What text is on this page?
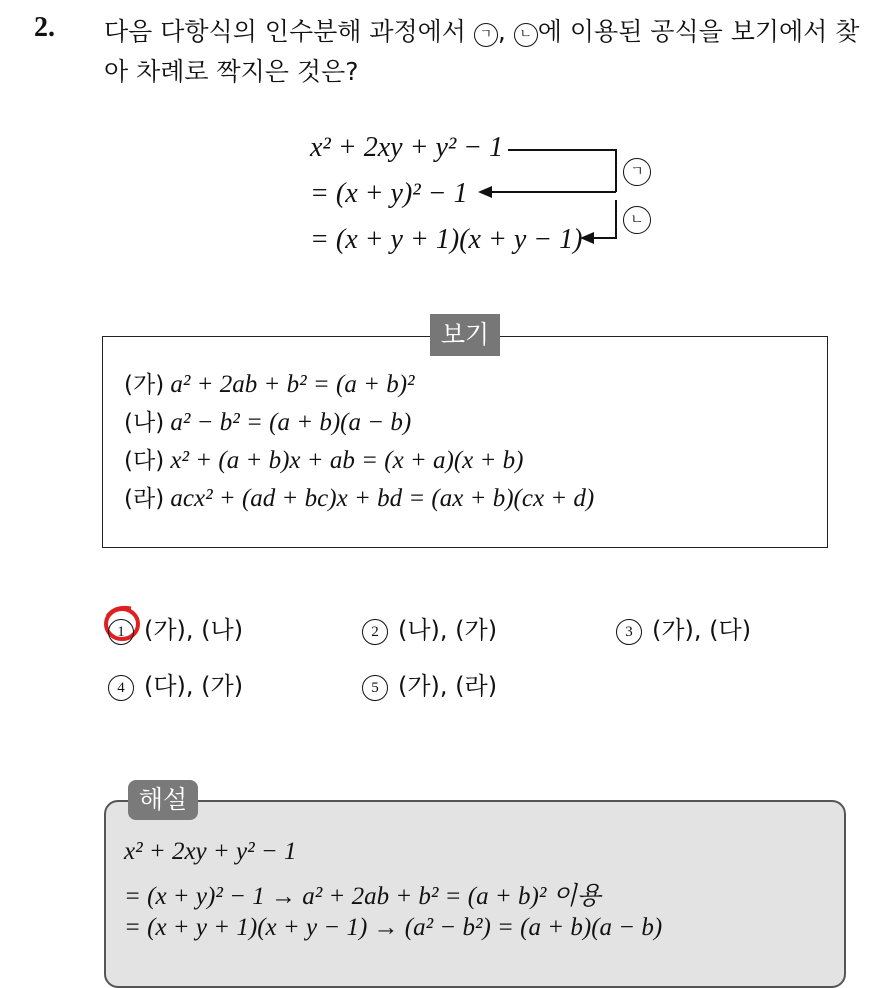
2. 다음 다항식의 인수분해 과정에서 ㄱ , ㄴ 에 이용된 공식을 보기에서 찾아 차례로 짝지은 것은?
x² + 2xy + y² − 1
= (x + y)² − 1
= (x + y + 1)(x + y − 1)
ㄱ
ㄴ
보기
(가) a² + 2ab + b² = (a + b)²
(나) a² − b² = (a + b)(a − b)
(다) x² + (a + b)x + ab = (x + a)(x + b)
(라) acx² + (ad + bc)x + bd = (ax + b)(cx + d)
1 (가), (나)	2 (나), (가)	3 (가), (다)
4 (다), (가)	5 (가), (라)
해설
x² + 2xy + y² − 1
= (x + y)² − 1 → a² + 2ab + b² = (a + b)² 이용
= (x + y + 1)(x + y − 1) → (a² − b²) = (a + b)(a − b)
